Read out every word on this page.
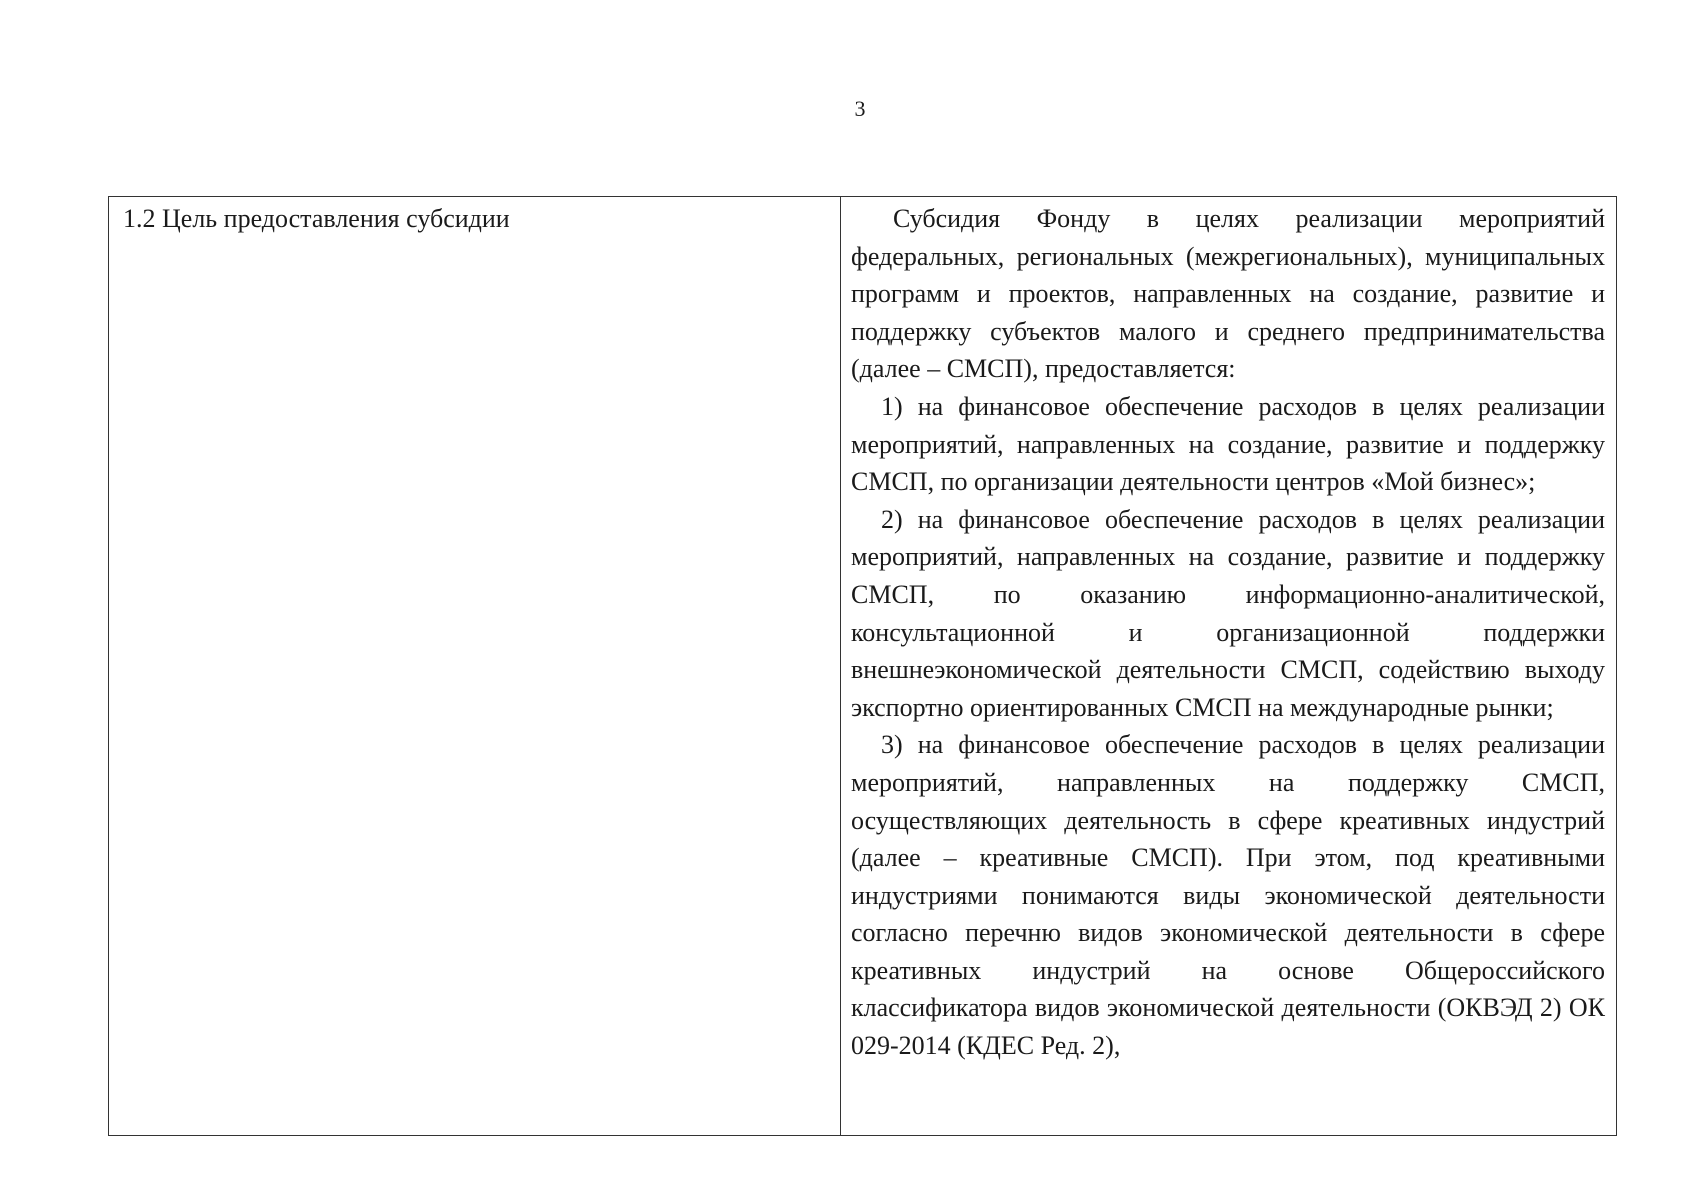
3
1.2 Цель предоставления субсидии	Субсидия Фонду в целях реализации мероприятий федеральных, региональных (межрегиональных), муниципальных программ и проектов, направленных на создание, развитие и поддержку субъектов малого и среднего предпринимательства (далее – СМСП), предоставляется:

1) на финансовое обеспечение расходов в целях реализации мероприятий, направленных на создание, развитие и поддержку СМСП, по организации деятельности центров «Мой бизнес»;

2) на финансовое обеспечение расходов в целях реализации мероприятий, направленных на создание, развитие и поддержку СМСП, по оказанию информационно-аналитической, консультационной и организационной поддержки внешнеэкономической деятельности СМСП, содействию выходу экспортно ориентированных СМСП на международные рынки;

3) на финансовое обеспечение расходов в целях реализации мероприятий, направленных на поддержку СМСП, осуществляющих деятельность в сфере креативных индустрий (далее – креативные СМСП). При этом, под креативными индустриями понимаются виды экономической деятельности согласно перечню видов экономической деятельности в сфере креативных индустрий на основе Общероссийского классификатора видов экономической деятельности (ОКВЭД 2) ОК 029-2014 (КДЕС Ред. 2),
